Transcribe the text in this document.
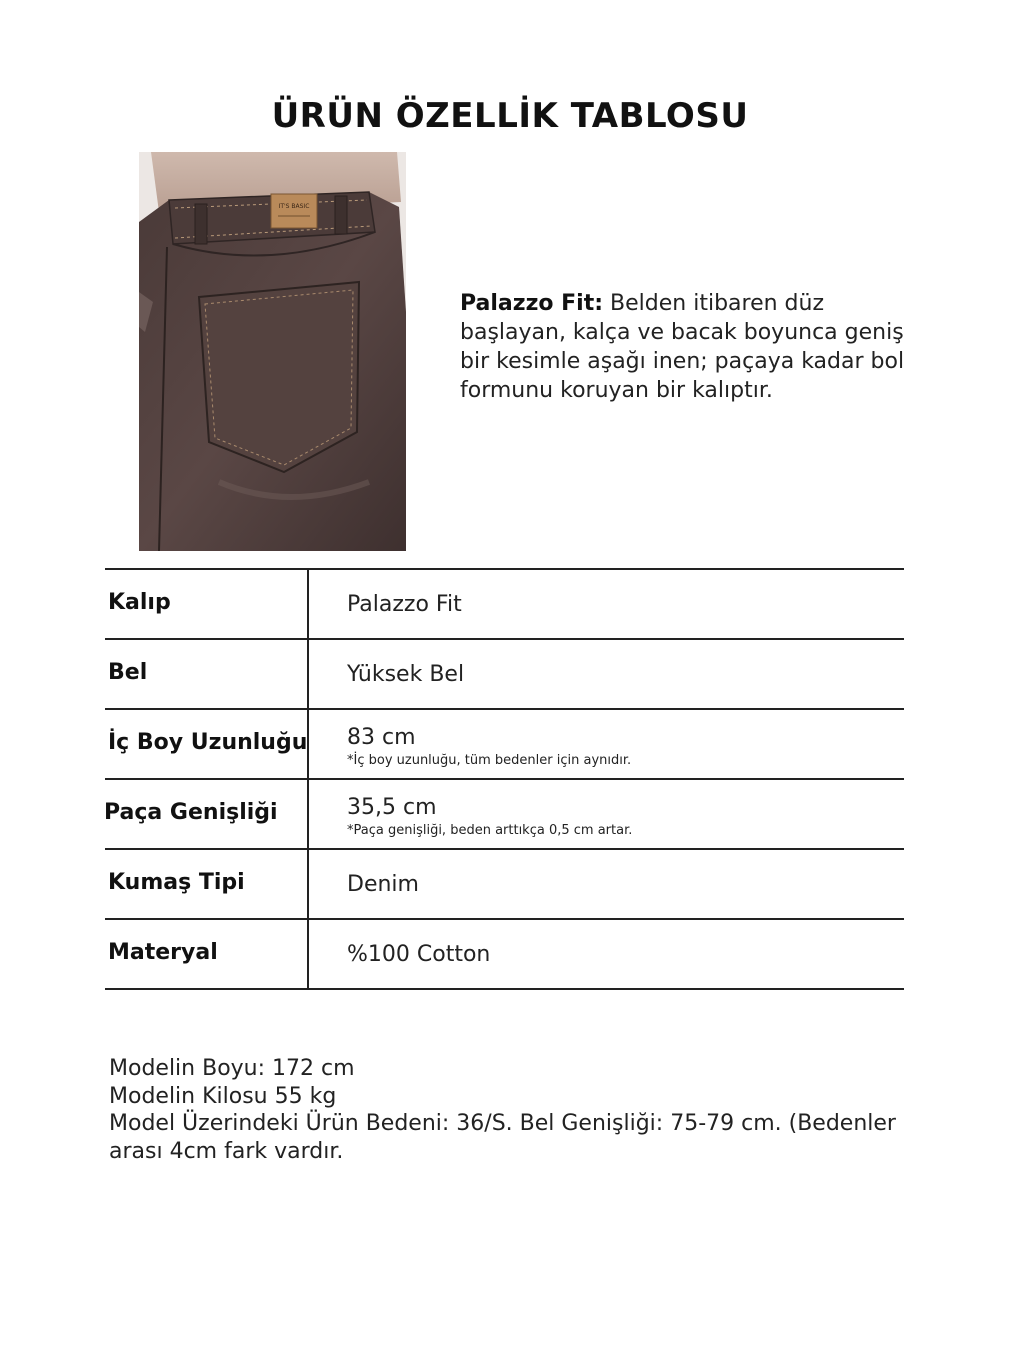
ÜRÜN ÖZELLİK TABLOSU
IT'S BASIC
Palazzo Fit: Belden itibaren düz başlayan, kalça ve bacak boyunca geniş bir kesimle aşağı inen; paçaya kadar bol formunu koruyan bir kalıptır.
Kalıp	Palazzo Fit
Bel	Yüksek Bel
İç Boy Uzunluğu 83 cm
*İç boy uzunluğu, tüm bedenler için aynıdır.
Paça Genişliği	35,5 cm
*Paça genişliği, beden arttıkça 0,5 cm artar.
Kumaş Tipi	Denim
Materyal	%100 Cotton
Modelin Boyu: 172 cm
Modelin Kilosu 55 kg
Model Üzerindeki Ürün Bedeni: 36/S. Bel Genişliği: 75-79 cm. (Bedenler
arası 4cm fark vardır.
